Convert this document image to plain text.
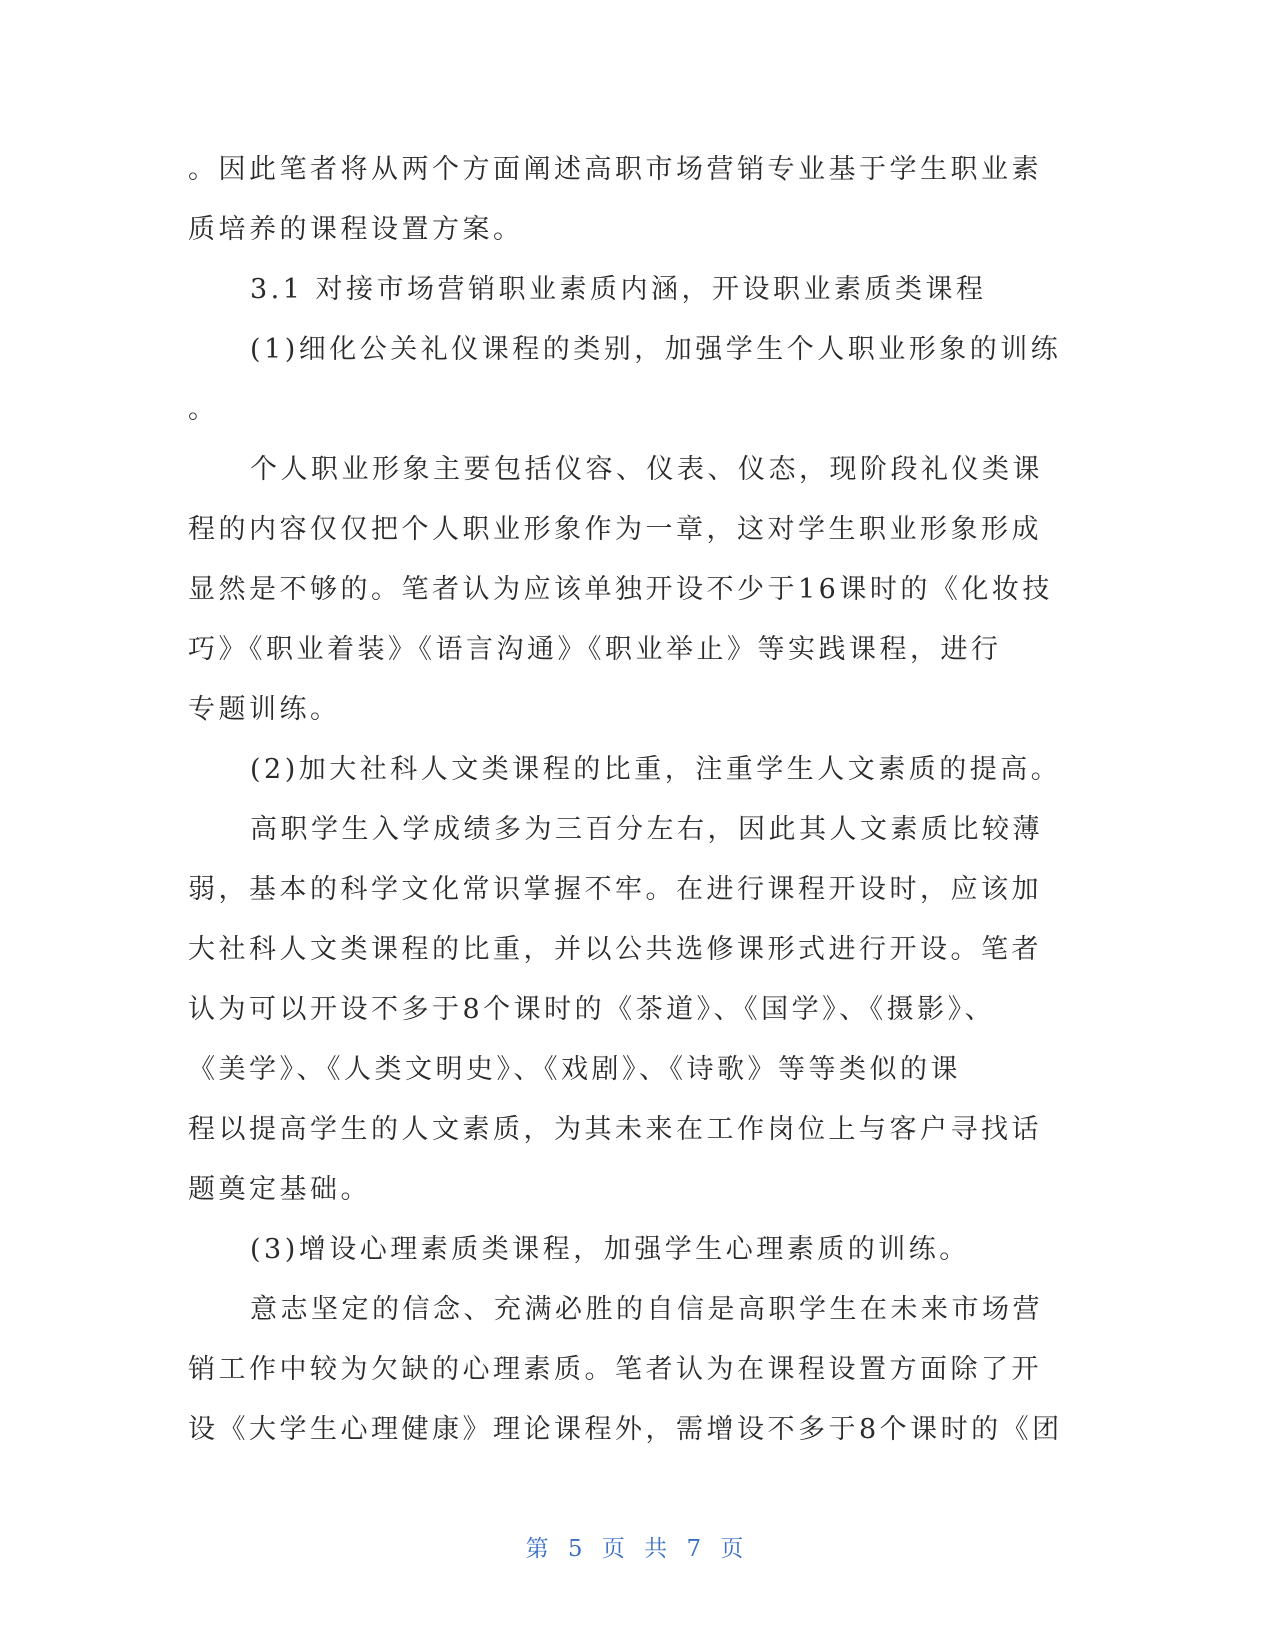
。因此笔者将从两个方面阐述高职市场营销专业基于学生职业素
质培养的课程设置方案。
3.1 对接市场营销职业素质内涵，开设职业素质类课程
(1)细化公关礼仪课程的类别，加强学生个人职业形象的训练
。
个人职业形象主要包括仪容、仪表、仪态，现阶段礼仪类课
程的内容仅仅把个人职业形象作为一章，这对学生职业形象形成
显然是不够的。笔者认为应该单独开设不少于16课时的《化妆技
巧》《职业着装》《语言沟通》《职业举止》等实践课程，进行
专题训练。
(2)加大社科人文类课程的比重，注重学生人文素质的提高。
高职学生入学成绩多为三百分左右，因此其人文素质比较薄
弱，基本的科学文化常识掌握不牢。在进行课程开设时，应该加
大社科人文类课程的比重，并以公共选修课形式进行开设。笔者
认为可以开设不多于8个课时的《茶道》、《国学》、《摄影》、
《美学》、《人类文明史》、《戏剧》、《诗歌》等等类似的课
程以提高学生的人文素质，为其未来在工作岗位上与客户寻找话
题奠定基础。
(3)增设心理素质类课程，加强学生心理素质的训练。
意志坚定的信念、充满必胜的自信是高职学生在未来市场营
销工作中较为欠缺的心理素质。笔者认为在课程设置方面除了开
设《大学生心理健康》理论课程外，需增设不多于8个课时的《团
第 5 页 共 7 页
